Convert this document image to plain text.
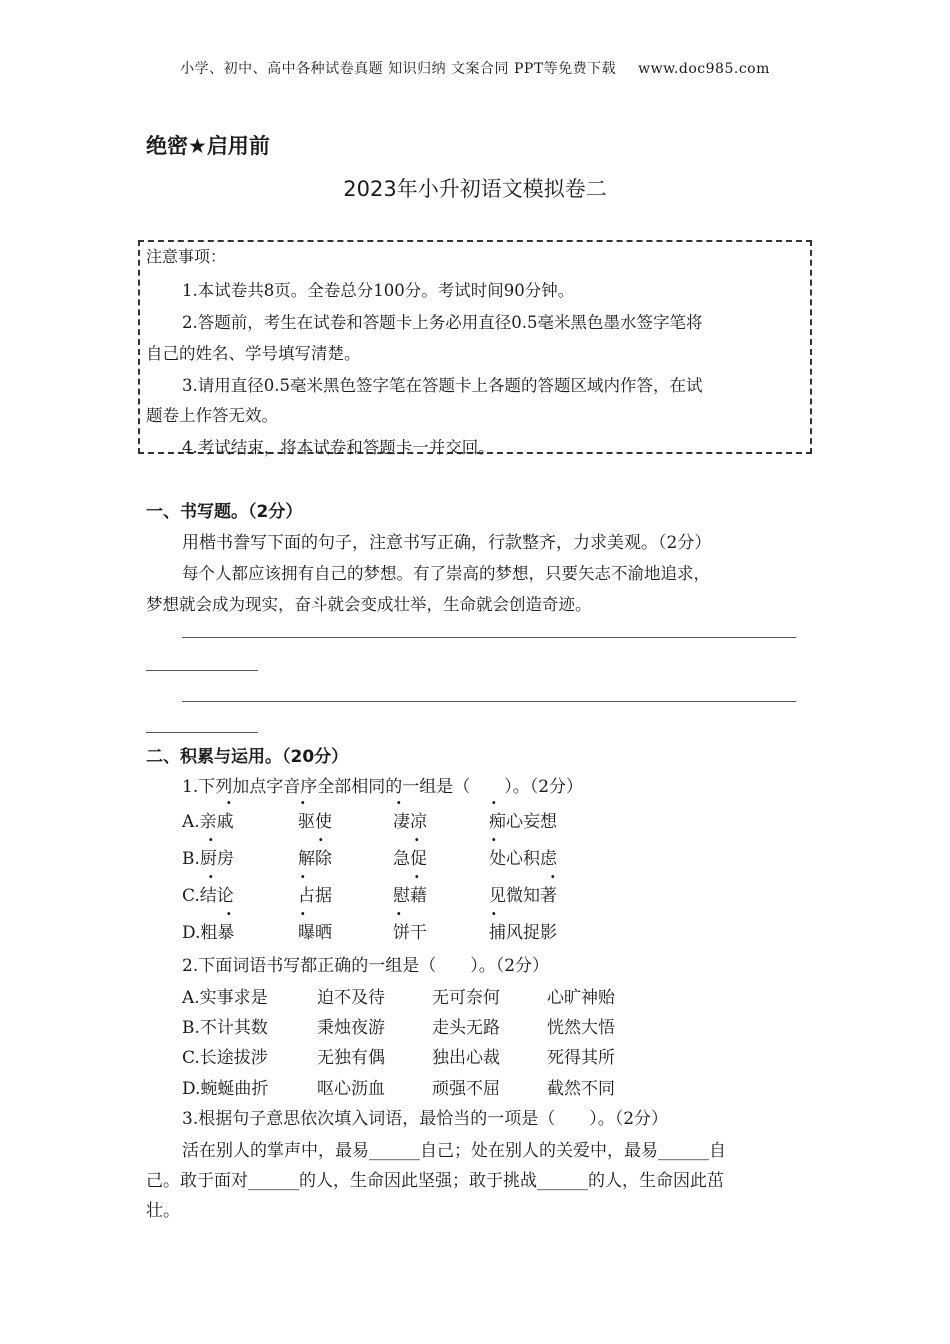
小学、初中、高中各种试卷真题 知识归纳 文案合同 PPT等免费下载 www.doc985.com
绝密★启用前
2023年小升初语文模拟卷二
注意事项：
1.本试卷共8页。全卷总分100分。考试时间90分钟。
2.答题前，考生在试卷和答题卡上务必用直径0.5毫米黑色墨水签字笔将
自己的姓名、学号填写清楚。
3.请用直径0.5毫米黑色签字笔在答题卡上各题的答题区域内作答，在试
题卷上作答无效。
4.考试结束，将本试卷和答题卡一并交回。
一、书写题。（2分）
用楷书誊写下面的句子，注意书写正确，行款整齐，力求美观。（2分）
每个人都应该拥有自己的梦想。有了崇高的梦想，只要矢志不渝地追求，
梦想就会成为现实，奋斗就会变成壮举，生命就会创造奇迹。
二、积累与运用。（20分）
1.下列加点字音序全部相同的一组是（　　）。（2分）
A.亲戚	驱使	凄凉	痴心妄想
B.厨房	解除	急促	处心积虑
C.结论	占据	慰藉	见微知著
D.粗暴	曝晒	饼干	捕风捉影
·	·	·	·
·	·	·	·
·	·	·	·
·	·	·	·
2.下面词语书写都正确的一组是（　　）。（2分）
A.实事求是	迫不及待	无可奈何	心旷神贻
B.不计其数	秉烛夜游	走头无路	恍然大悟
C.长途拔涉	无独有偶	独出心裁	死得其所
D.蜿蜒曲折	呕心沥血	顽强不屈	截然不同
3.根据句子意思依次填入词语，最恰当的一项是（　　）。（2分）
活在别人的掌声中，最易______自己；处在别人的关爱中，最易______自
己。敢于面对______的人，生命因此坚强；敢于挑战______的人，生命因此茁
壮。
